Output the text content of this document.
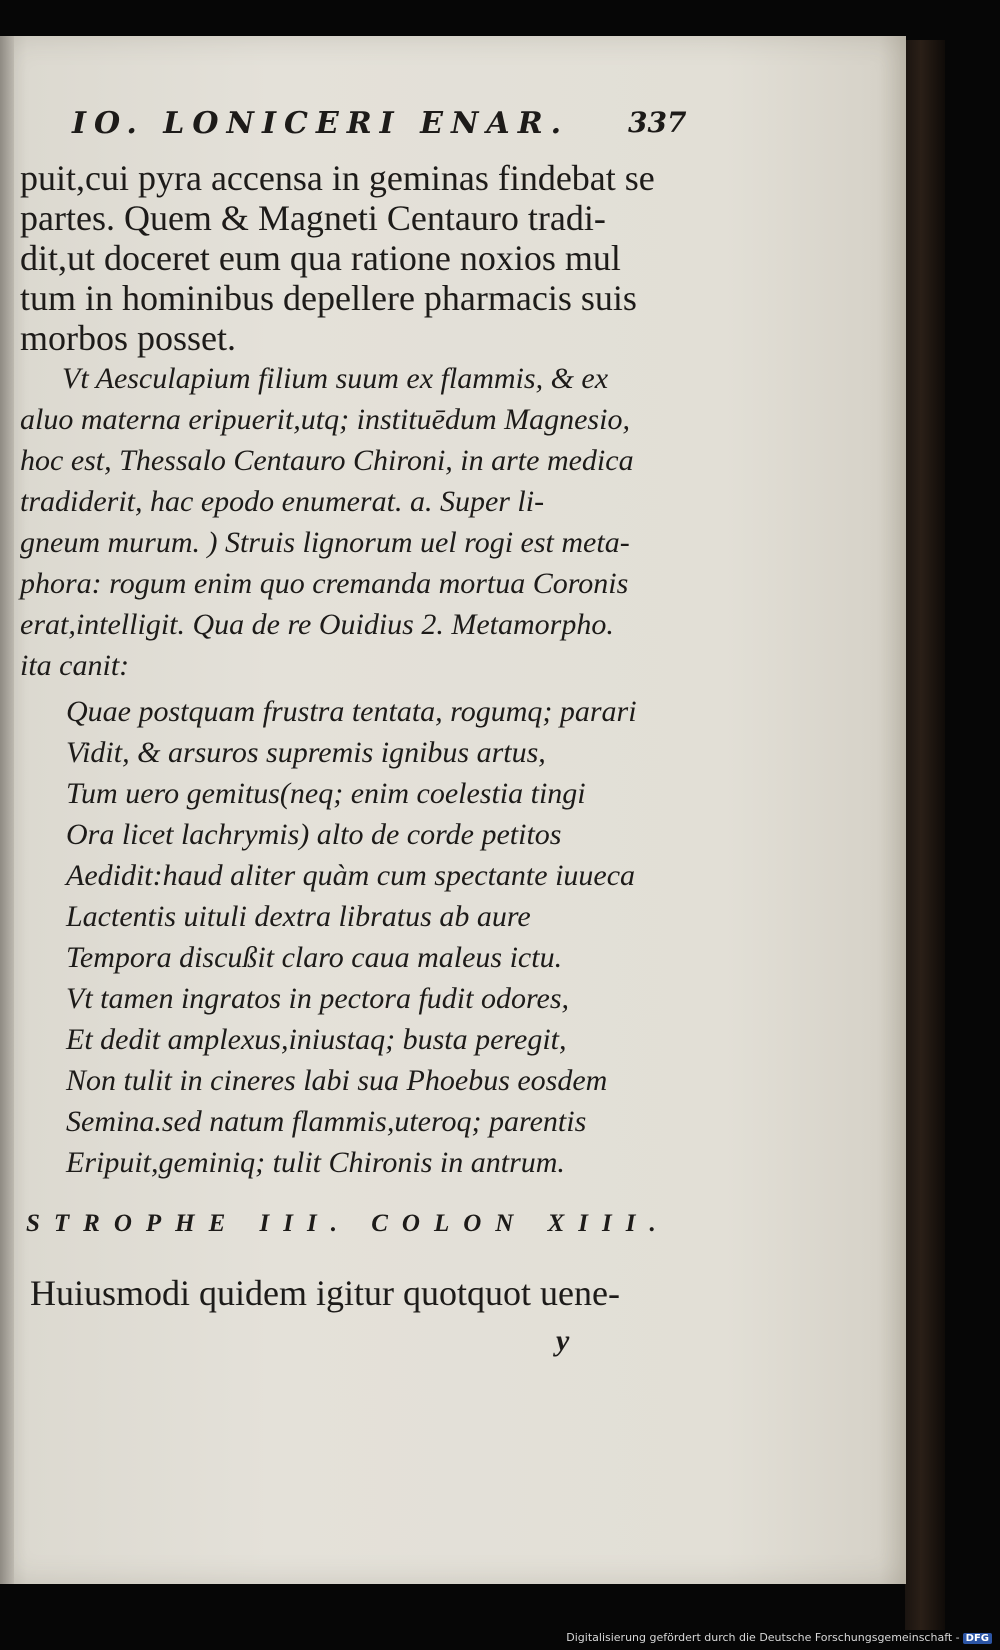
IO. LONICERI ENAR.	337
puit,cui pyra accensa in geminas findebat se
partes. Quem & Magneti Centauro tradi-
dit,ut doceret eum qua ratione noxios mul
tum in hominibus depellere pharmacis suis
morbos posset.
Vt Aesculapium filium suum ex flammis, & ex
aluo materna eripuerit,utq; instituēdum Magnesio,
hoc est, Thessalo Centauro Chironi, in arte medica
tradiderit, hac epodo enumerat. a. Super li-
gneum murum. ) Struis lignorum uel rogi est meta-
phora: rogum enim quo cremanda mortua Coronis
erat,intelligit. Qua de re Ouidius 2. Metamorpho.
ita canit:
Quae postquam frustra tentata, rogumq; parari
Vidit, & arsuros supremis ignibus artus,
Tum uero gemitus(neq; enim coelestia tingi
Ora licet lachrymis) alto de corde petitos
Aedidit:haud aliter quàm cum spectante iuueca
Lactentis uituli dextra libratus ab aure
Tempora discußit claro caua maleus ictu.
Vt tamen ingratos in pectora fudit odores,
Et dedit amplexus,iniustaq; busta peregit,
Non tulit in cineres labi sua Phoebus eosdem
Semina.sed natum flammis,uteroq; parentis
Eripuit,geminiq; tulit Chironis in antrum.
STROPHE III. COLON XIII.
Huiusmodi quidem igitur quotquot uene-
y
Digitalisierung gefördert durch die Deutsche Forschungsgemeinschaft - DFG
